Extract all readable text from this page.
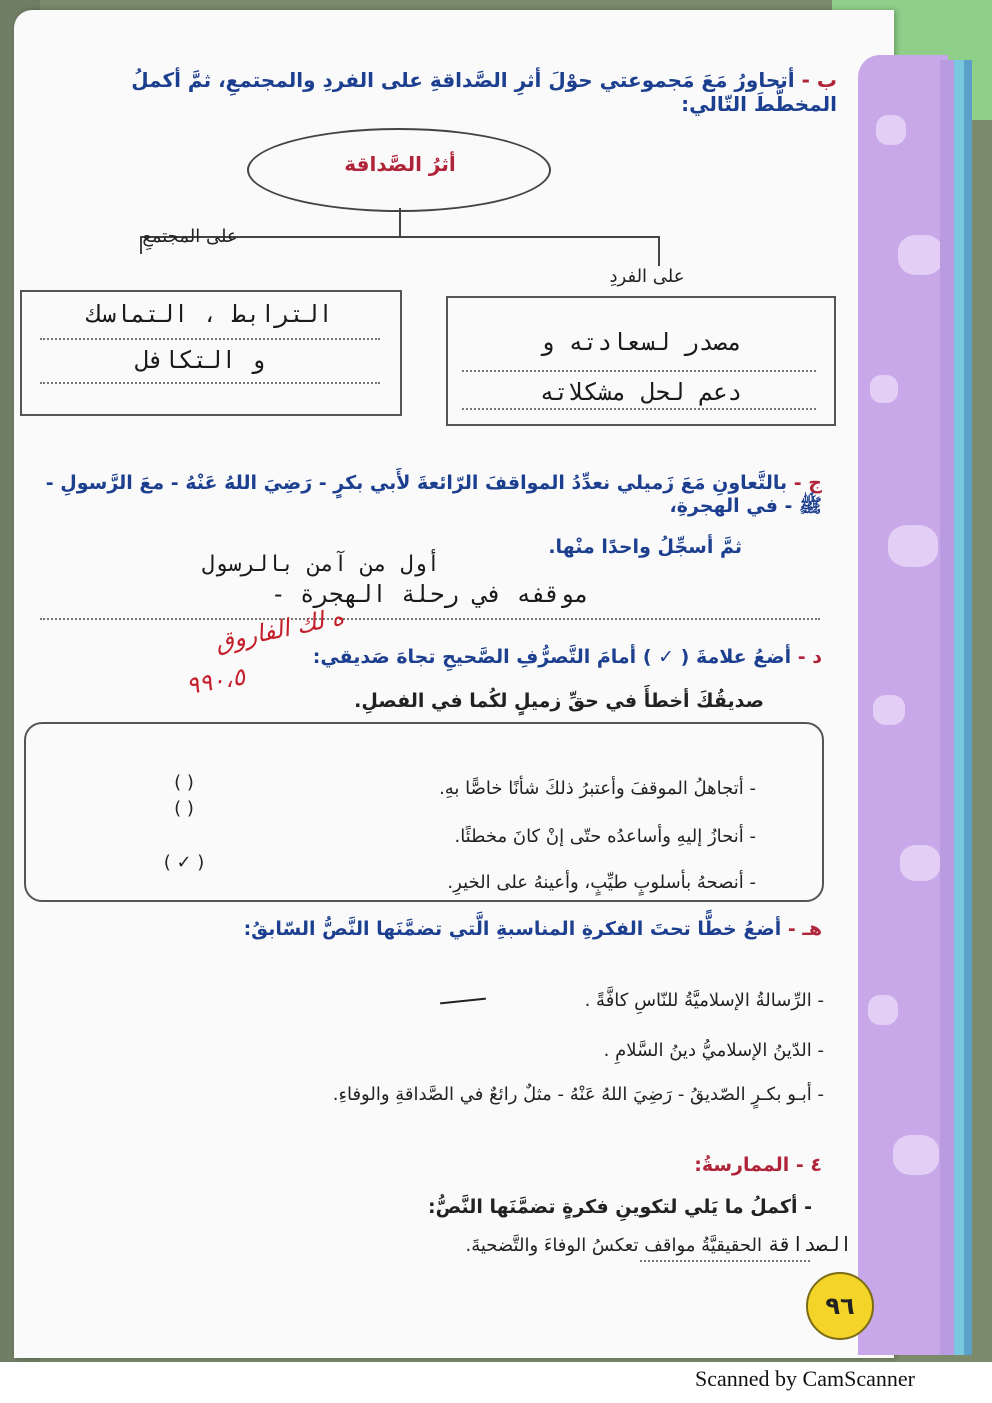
ب - أتحاورُ مَعَ مَجموعتي حوْلَ أثرِ الصَّداقةِ على الفردِ والمجتمعِ، ثمَّ أكملُ المخطَّطَ التّالي:
أثرُ الصَّداقة
على المجتمعِ
على الفردِ
الترابط ، التماسك
و التكافل
مصدر لسعادته و
دعم لحل مشكلاته
ج - بالتَّعاونِ مَعَ زَميلي نعدِّدُ المواقفَ الرّائعةَ لأَبي بكرٍ - رَضِيَ اللهُ عَنْهُ - معَ الرَّسولِ - ﷺ - في الهجرةِ،
ثمَّ أسجِّلُ واحدًا منْها.
أول من آمن بالرسول
موقفه في رحلة الهجرة -
د - أضعُ علامةَ ( ✓ ) أمامَ التَّصرُّفِ الصَّحيحِ تجاهَ صَديقي:
ه لك الفاروق
٩٩٠،٥
صديقُكَ أخطأَ في حقِّ زميلٍ لكُما في الفصلِ.
- أتجاهلُ الموقفَ وأعتبرُ ذلكَ شأنًا خاصًّا بهِ.
( )
- أنحازُ إليهِ وأساعدُه حتّى إنْ كانَ مخطئًا.
( )
- أنصحهُ بأسلوبٍ طيِّبٍ، وأعينهُ على الخيرِ.
( ✓ )
هـ - أضعُ خطًّا تحتَ الفكرةِ المناسبةِ الَّتي تضمَّنَها النَّصُّ السّابقُ:
- الرِّسالةُ الإسلاميَّةُ للنّاسِ كافَّةً .
- الدّينُ الإسلاميُّ دينُ السَّلامِ .
- أبـو بكـرٍ الصّديقُ - رَضِيَ اللهُ عَنْهُ - مثلٌ رائعٌ في الصَّداقةِ والوفاءِ.
٤ - الممارسةُ:
- أكملُ ما يَلي لتكوينِ فكرةٍ تضمَّنَها النَّصُّ:
الصداقة الحقيقيَّةُ مواقف تعكسُ الوفاءَ والتَّضحيةَ.
٩٦
Scanned by CamScanner
